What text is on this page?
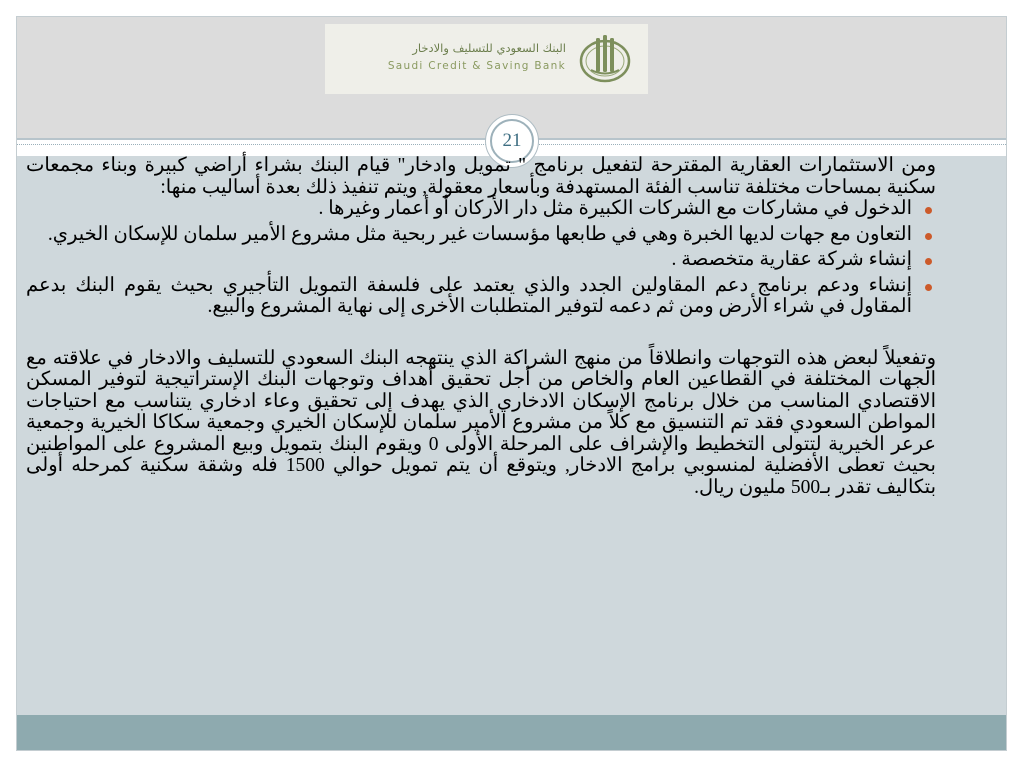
البنك السعودي للتسليف والادخار
Saudi Credit & Saving Bank
21

ومن الاستثمارات العقارية المقترحة لتفعيل برنامج " تمويل وادخار" قيام البنك بشراء أراضي كبيرة وبناء مجمعات سكنية بمساحات مختلفة تناسب الفئة المستهدفة وبأسعار معقولة, ويتم تنفيذ ذلك بعدة أساليب منها:

الدخول في مشاركات مع الشركات الكبيرة مثل دار الأركان أو أعمار وغيرها .
التعاون مع جهات لديها الخبرة وهي في طابعها مؤسسات غير ربحية مثل مشروع الأمير سلمان للإسكان الخيري.
إنشاء شركة عقارية متخصصة .
إنشاء ودعم برنامج دعم المقاولين الجدد والذي يعتمد على فلسفة التمويل التأجيري بحيث يقوم البنك بدعم المقاول في شراء الأرض ومن ثم دعمه لتوفير المتطلبات الأخرى إلى نهاية المشروع والبيع.

وتفعيلاً لبعض هذه التوجهات وانطلاقاً من منهج الشراكة الذي ينتهجه البنك السعودي للتسليف والادخار في علاقته مع الجهات المختلفة في القطاعين العام والخاص من أجل تحقيق أهداف وتوجهات البنك الإستراتيجية لتوفير المسكن الاقتصادي المناسب من خلال برنامج الإسكان الادخاري الذي يهدف إلى تحقيق وعاء ادخاري يتناسب مع احتياجات المواطن السعودي فقد تم التنسيق مع كلاً من مشروع الأمير سلمان للإسكان الخيري وجمعية سكاكا الخيرية وجمعية عرعر الخيرية لتتولى التخطيط والإشراف على المرحلة الأولى 0 ويقوم البنك بتمويل وبيع المشروع على المواطنين بحيث تعطى الأفضلية لمنسوبي برامج الادخار, ويتوقع أن يتم تمويل حوالي 1500 فله وشقة سكنية كمرحله أولى بتكاليف تقدر بـ500 مليون ريال.
